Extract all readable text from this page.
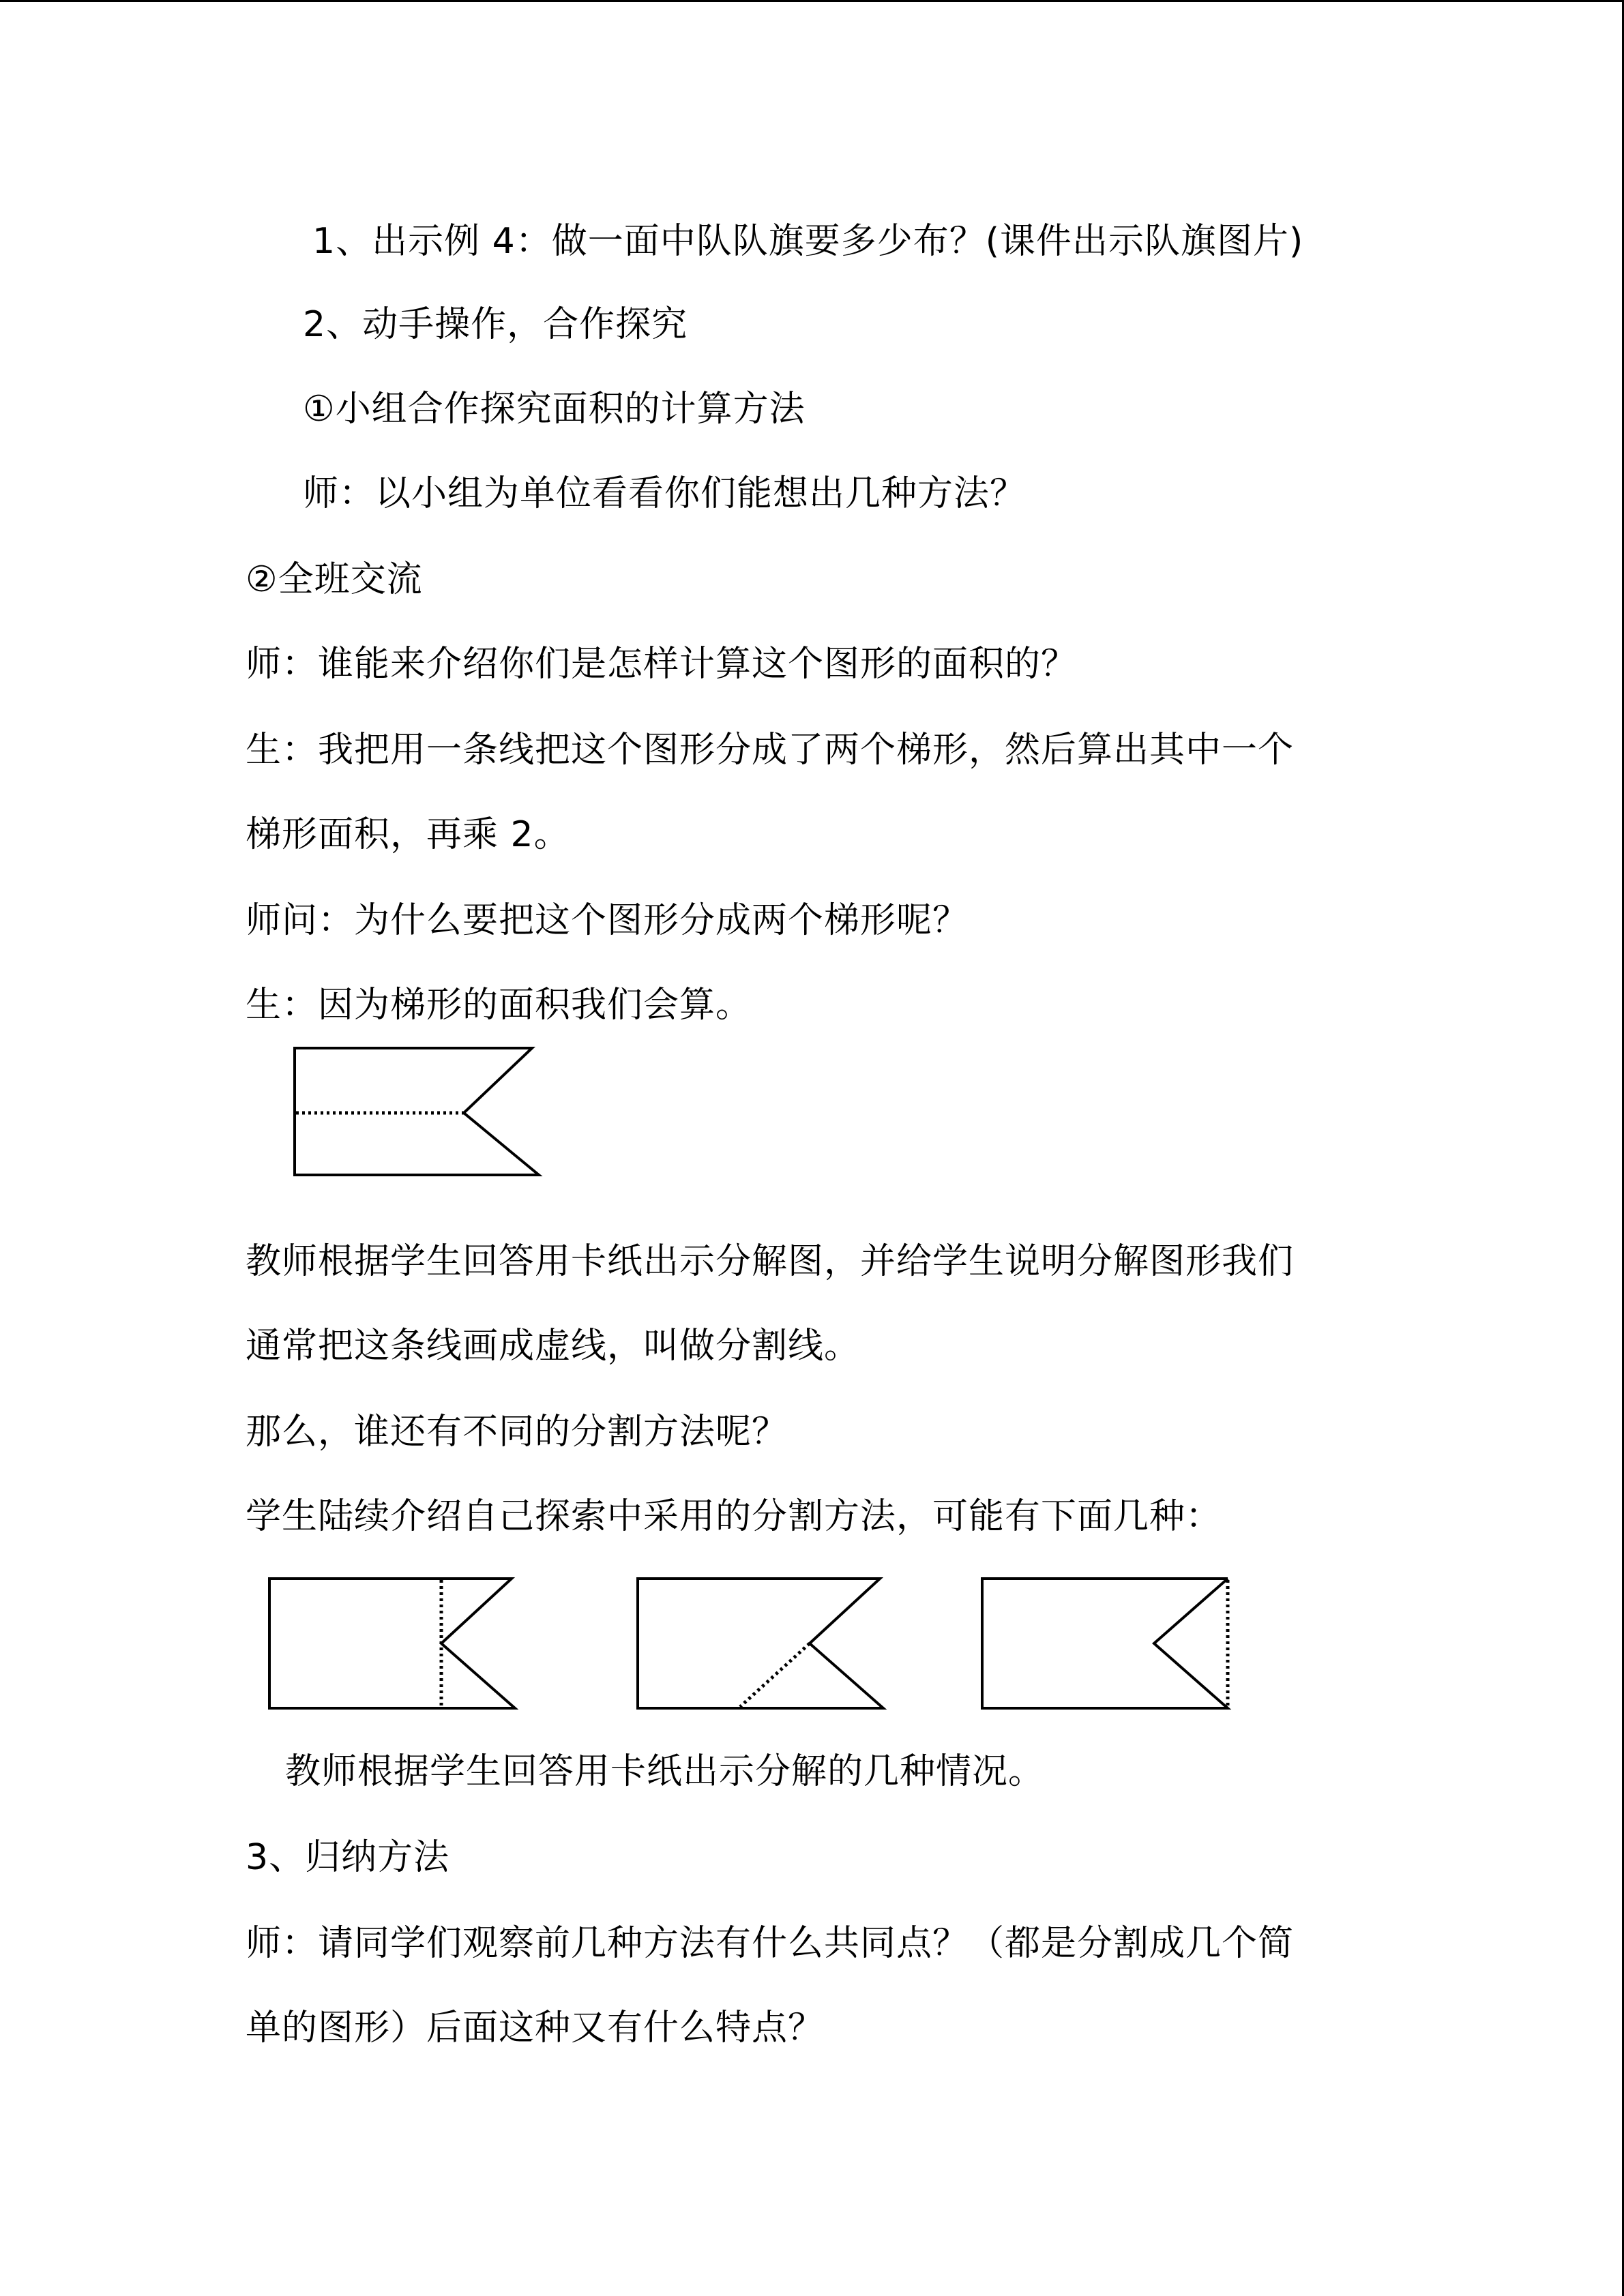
1、出示例 4：做一面中队队旗要多少布？(课件出示队旗图片)
2、动手操作，合作探究
①小组合作探究面积的计算方法
师：以小组为单位看看你们能想出几种方法？
②全班交流
师：谁能来介绍你们是怎样计算这个图形的面积的？
生：我把用一条线把这个图形分成了两个梯形，然后算出其中一个
梯形面积，再乘 2。
师问：为什么要把这个图形分成两个梯形呢？
生：因为梯形的面积我们会算。
教师根据学生回答用卡纸出示分解图，并给学生说明分解图形我们
通常把这条线画成虚线，叫做分割线。
那么，谁还有不同的分割方法呢？
学生陆续介绍自己探索中采用的分割方法，可能有下面几种：
教师根据学生回答用卡纸出示分解的几种情况。
3、归纳方法
师：请同学们观察前几种方法有什么共同点？（都是分割成几个简
单的图形）后面这种又有什么特点？
